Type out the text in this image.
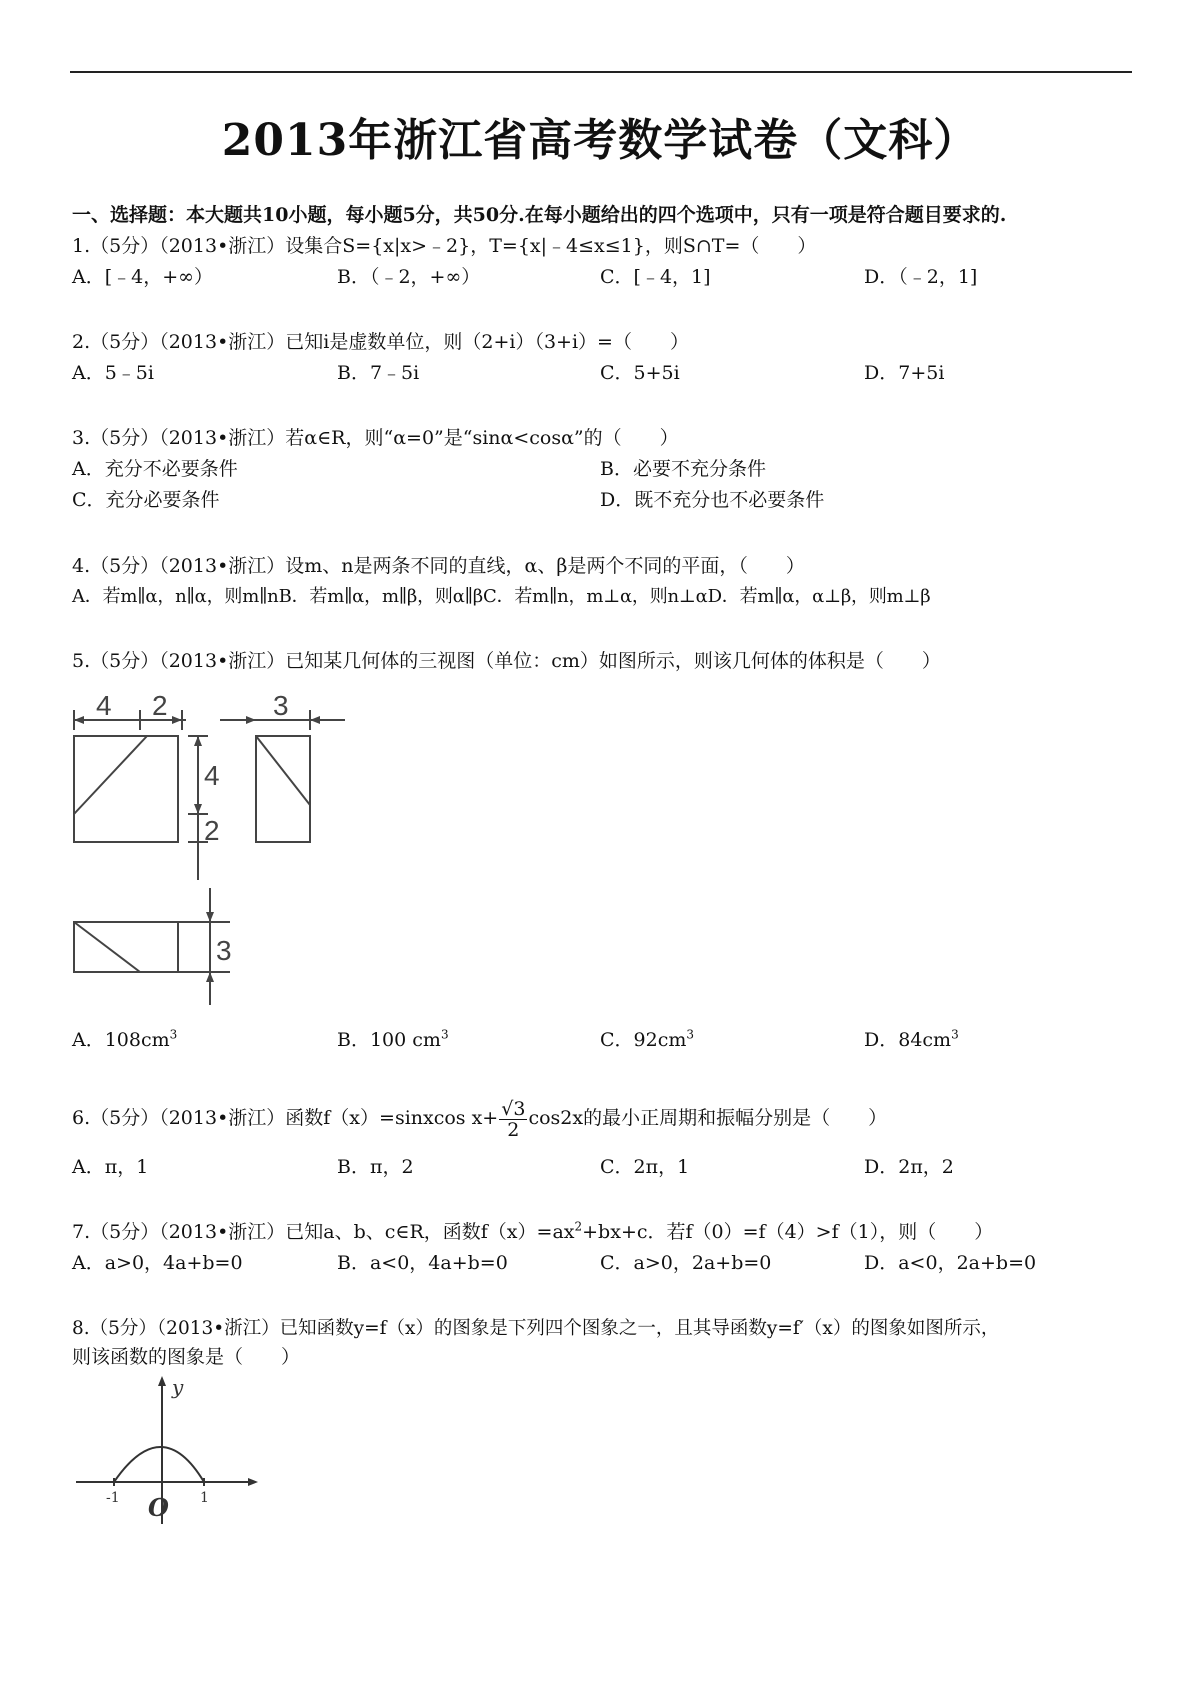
2013年浙江省高考数学试卷（文科）
一、选择题：本大题共10小题，每小题5分，共50分.在每小题给出的四个选项中，只有一项是符合题目要求的.
1.（5分）（2013•浙江）设集合S={x|x>﹣2}，T={x|﹣4≤x≤1}，则S∩T=（　　）
A．[﹣4，+∞）	B．（﹣2，+∞）	C．[﹣4，1]	D．（﹣2，1]
2.（5分）（2013•浙江）已知i是虚数单位，则（2+i）（3+i）=（　　）
A．5﹣5i	B．7﹣5i	C．5+5i	D．7+5i
3.（5分）（2013•浙江）若α∈R，则“α=0”是“sinα<cosα”的（　　）
A．充分不必要条件	B．必要不充分条件
C．充分必要条件	D．既不充分也不必要条件
4.（5分）（2013•浙江）设m、n是两条不同的直线，α、β是两个不同的平面，（　　）
A．若m∥α，n∥α，则m∥nB．若m∥α，m∥β，则α∥βC．若m∥n，m⊥α，则n⊥αD．若m∥α，α⊥β，则m⊥β
5.（5分）（2013•浙江）已知某几何体的三视图（单位：cm）如图所示，则该几何体的体积是（　　）
4 2	3
4
2
3
A．$108cm^3$	B．100 $cm^3$	C．$92cm^3$	D．$84cm^3$
6.（5分）（2013•浙江）函数f（x）=sinxcos $x+ \frac{√3}{2} \cos 2x$的最小正周期和振幅分别是（　　）
A．π，1	B．π，2	C．2π，1	D．2π，2
7.（5分）（2013•浙江）已知a、b、c∈R，函数$f(x)=ax^2+bx+c$．若f（0）=f（4）>f（1），则（　　）
A．a>0，4a+b=0	B．a<0，4a+b=0	C．a>0，2a+b=0	D．a<0，2a+b=0
8.（5分）（2013•浙江）已知函数y=f（x）的图象是下列四个图象之一，且其导函数y=f′（x）的图象如图所示，
则该函数的图象是（　　）
y
O
-1	1
